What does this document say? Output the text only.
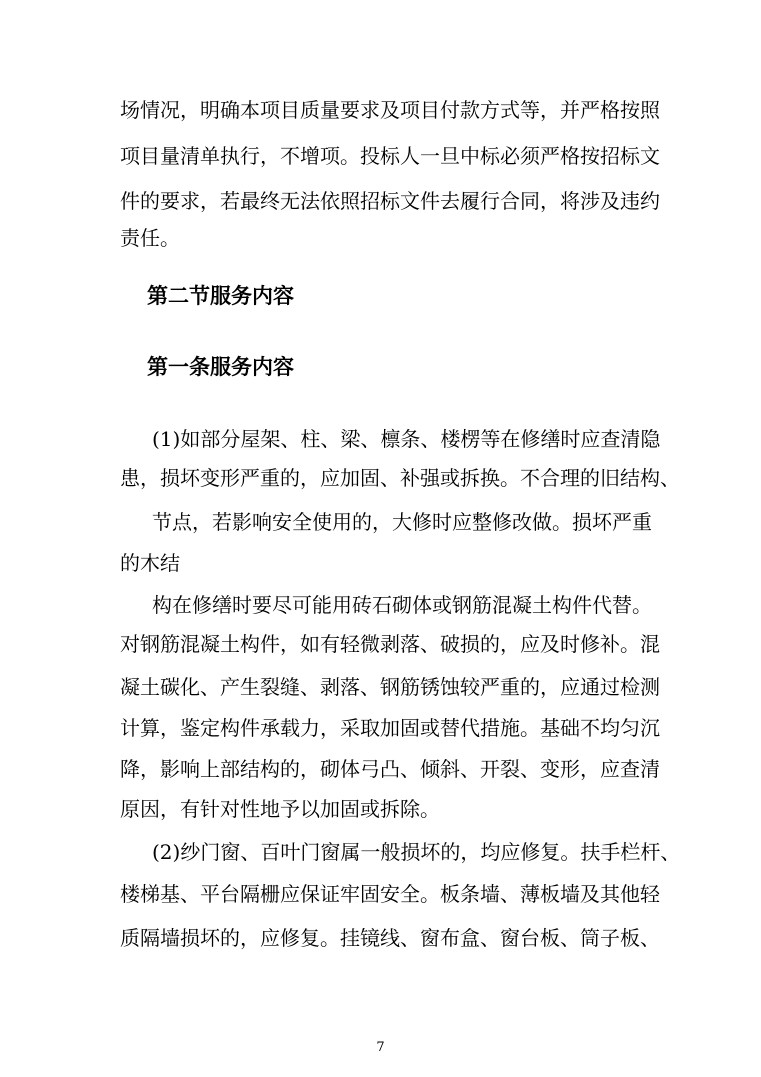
场情况，明确本项目质量要求及项目付款方式等，并严格按照
项目量清单执行，不增项。投标人一旦中标必须严格按招标文
件的要求，若最终无法依照招标文件去履行合同，将涉及违约
责任。
第二节服务内容
第一条服务内容
(1)如部分屋架、柱、梁、檩条、楼楞等在修缮时应查清隐
患，损坏变形严重的，应加固、补强或拆换。不合理的旧结构、
节点，若影响安全使用的，大修时应整修改做。损坏严重
的木结
构在修缮时要尽可能用砖石砌体或钢筋混凝土构件代替。
对钢筋混凝土构件，如有轻微剥落、破损的，应及时修补。混
凝土碳化、产生裂缝、剥落、钢筋锈蚀较严重的，应通过检测
计算，鉴定构件承载力，采取加固或替代措施。基础不均匀沉
降，影响上部结构的，砌体弓凸、倾斜、开裂、变形，应查清
原因，有针对性地予以加固或拆除。
(2)纱门窗、百叶门窗属一般损坏的，均应修复。扶手栏杆、
楼梯基、平台隔栅应保证牢固安全。板条墙、薄板墙及其他轻
质隔墙损坏的，应修复。挂镜线、窗布盒、窗台板、筒子板、
7
